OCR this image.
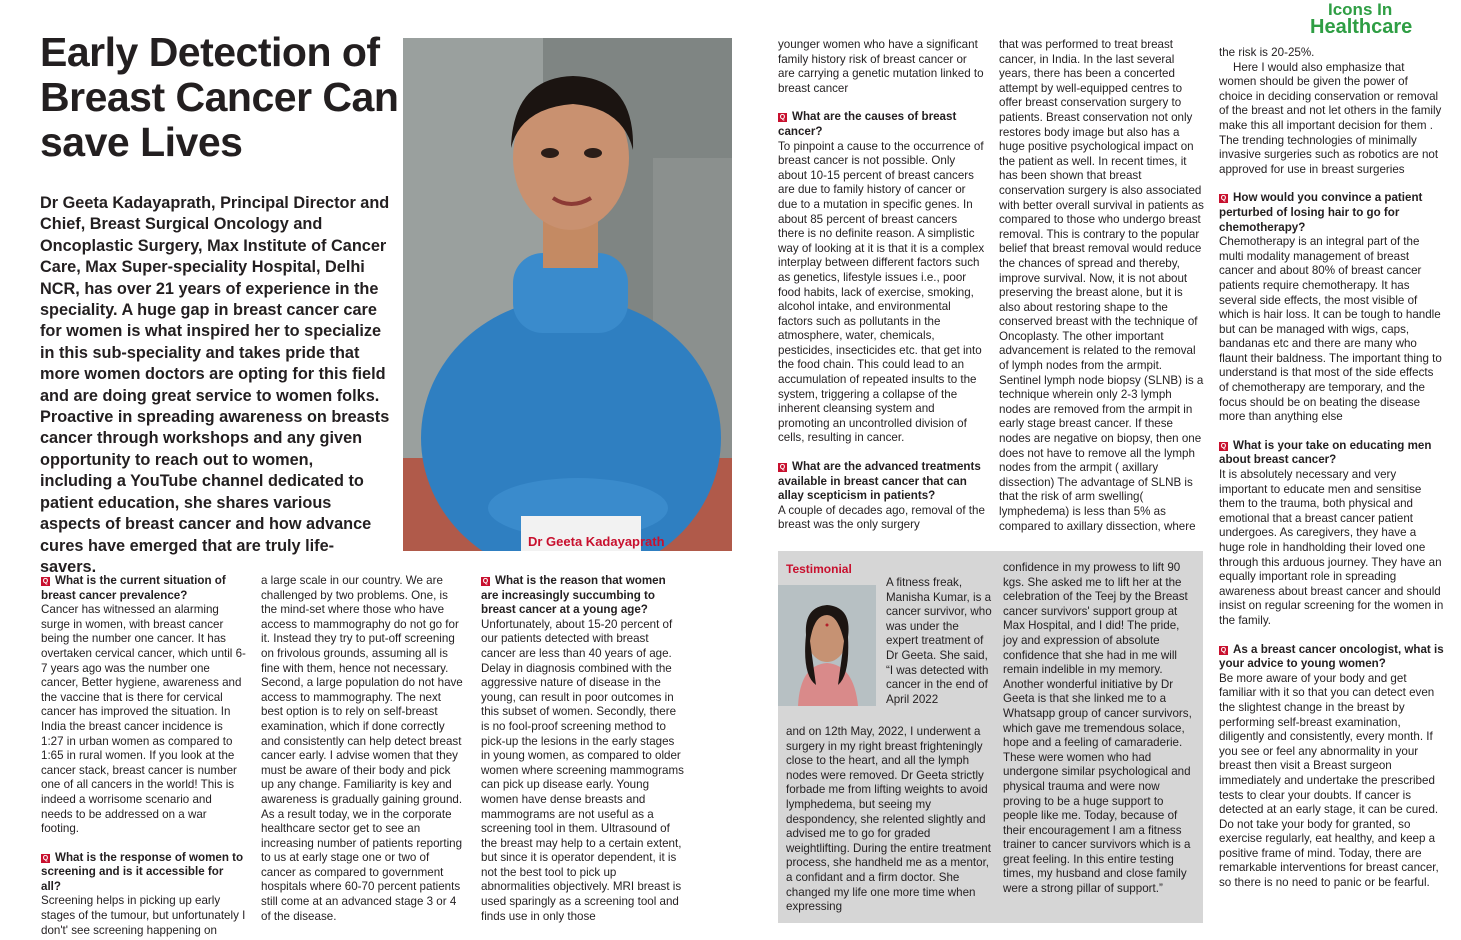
Icons In
Healthcare
Early Detection of Breast Cancer Can save Lives

Dr Geeta Kadayaprath, Principal Director and Chief, Breast Surgical Oncology and Oncoplastic Surgery, Max Institute of Cancer Care, Max Super-speciality Hospital, Delhi NCR, has over 21 years of experience in the speciality. A huge gap in breast cancer care for women is what inspired her to specialize in this sub-speciality and takes pride that more women doctors are opting for this field and are doing great service to women folks. Proactive in spreading awareness on breasts cancer through workshops and any given opportunity to reach out to women, including a YouTube channel dedicated to patient education, she shares various aspects of breast cancer and how advance cures have emerged that are truly life-savers.

Dr Geeta Kadayaprath

Q What is the current situation of breast cancer prevalence?

Cancer has witnessed an alarming surge in women, with breast cancer being the number one cancer. It has overtaken cervical cancer, which until 6-7 years ago was the number one cancer, Better hygiene, awareness and the vaccine that is there for cervical cancer has improved the situation. In India the breast cancer incidence is 1:27 in urban women as compared to 1:65 in rural women. If you look at the cancer stack, breast cancer is number one of all cancers in the world! This is indeed a worrisome scenario and needs to be addressed on a war footing.

Q What is the response of women to screening and is it accessible for all?

Screening helps in picking up early stages of the tumour, but unfortunately I don't' see screening happening on

a large scale in our country. We are challenged by two problems. One, is the mind-set where those who have access to mammography do not go for it. Instead they try to put-off screening on frivolous grounds, assuming all is fine with them, hence not necessary. Second, a large population do not have access to mammography. The next best option is to rely on self-breast examination, which if done correctly and consistently can help detect breast cancer early. I advise women that they must be aware of their body and pick up any change. Familiarity is key and awareness is gradually gaining ground. As a result today, we in the corporate healthcare sector get to see an increasing number of patients reporting to us at early stage one or two of cancer as compared to government hospitals where 60-70 percent patients still come at an advanced stage 3 or 4 of the disease.

Q What is the reason that women are increasingly succumbing to breast cancer at a young age?

Unfortunately, about 15-20 percent of our patients detected with breast cancer are less than 40 years of age. Delay in diagnosis combined with the aggressive nature of disease in the young, can result in poor outcomes in this subset of women. Secondly, there is no fool-proof screening method to pick-up the lesions in the early stages in young women, as compared to older women where screening mammograms can pick up disease early. Young women have dense breasts and mammograms are not useful as a screening tool in them. Ultrasound of the breast may help to a certain extent, but since it is operator dependent, it is not the best tool to pick up abnormalities objectively. MRI breast is used sparingly as a screening tool and finds use in only those

younger women who have a significant family history risk of breast cancer or are carrying a genetic mutation linked to breast cancer

Q What are the causes of breast cancer?

To pinpoint a cause to the occurrence of breast cancer is not possible. Only about 10-15 percent of breast cancers are due to family history of cancer or due to a mutation in specific genes. In about 85 percent of breast cancers there is no definite reason. A simplistic way of looking at it is that it is a complex interplay between different factors such as genetics, lifestyle issues i.e., poor food habits, lack of exercise, smoking, alcohol intake, and environmental factors such as pollutants in the atmosphere, water, chemicals, pesticides, insecticides etc. that get into the food chain. This could lead to an accumulation of repeated insults to the system, triggering a collapse of the inherent cleansing system and promoting an uncontrolled division of cells, resulting in cancer.

Q What are the advanced treatments available in breast cancer that can allay scepticism in patients?

A couple of decades ago, removal of the breast was the only surgery

that was performed to treat breast cancer, in India. In the last several years, there has been a concerted attempt by well-equipped centres to offer breast conservation surgery to patients. Breast conservation not only restores body image but also has a huge positive psychological impact on the patient as well. In recent times, it has been shown that breast conservation surgery is also associated with better overall survival in patients as compared to those who undergo breast removal. This is contrary to the popular belief that breast removal would reduce the chances of spread and thereby, improve survival. Now, it is not about preserving the breast alone, but it is also about restoring shape to the conserved breast with the technique of Oncoplasty. The other important advancement is related to the removal of lymph nodes from the armpit. Sentinel lymph node biopsy (SLNB) is a technique wherein only 2-3 lymph nodes are removed from the armpit in early stage breast cancer. If these nodes are negative on biopsy, then one does not have to remove all the lymph nodes from the armpit ( axillary dissection) The advantage of SLNB is that the risk of arm swelling( lymphedema) is less than 5% as compared to axillary dissection, where

Testimonial

A fitness freak, Manisha Kumar, is a cancer survivor, who was under the expert treatment of Dr Geeta. She said, “I was detected with cancer in the end of April 2022

and on 12th May, 2022, I underwent a surgery in my right breast frighteningly close to the heart, and all the lymph nodes were removed. Dr Geeta strictly forbade me from lifting weights to avoid lymphedema, but seeing my despondency, she relented slightly and advised me to go for graded weightlifting. During the entire treatment process, she handheld me as a mentor, a confidant and a firm doctor. She changed my life one more time when expressing

confidence in my prowess to lift 90 kgs. She asked me to lift her at the celebration of the Teej by the Breast cancer survivors' support group at Max Hospital, and I did! The pride, joy and expression of absolute confidence that she had in me will remain indelible in my memory. Another wonderful initiative by Dr Geeta is that she linked me to a Whatsapp group of cancer survivors, which gave me tremendous solace, hope and a feeling of camaraderie. These were women who had undergone similar psychological and physical trauma and were now proving to be a huge support to people like me. Today, because of their encouragement I am a fitness trainer to cancer survivors which is a great feeling. In this entire testing times, my husband and close family were a strong pillar of support.”

the risk is 20-25%.

Here I would also emphasize that women should be given the power of choice in deciding conservation or removal of the breast and not let others in the family make this all important decision for them . The trending technologies of minimally invasive surgeries such as robotics are not approved for use in breast surgeries

Q How would you convince a patient perturbed of losing hair to go for chemotherapy?

Chemotherapy is an integral part of the multi modality management of breast cancer and about 80% of breast cancer patients require chemotherapy. It has several side effects, the most visible of which is hair loss. It can be tough to handle but can be managed with wigs, caps, bandanas etc and there are many who flaunt their baldness. The important thing to understand is that most of the side effects of chemotherapy are temporary, and the focus should be on beating the disease more than anything else

Q What is your take on educating men about breast cancer?

It is absolutely necessary and very important to educate men and sensitise them to the trauma, both physical and emotional that a breast cancer patient undergoes. As caregivers, they have a huge role in handholding their loved one through this arduous journey. They have an equally important role in spreading awareness about breast cancer and should insist on regular screening for the women in the family.

Q As a breast cancer oncologist, what is your advice to young women?

Be more aware of your body and get familiar with it so that you can detect even the slightest change in the breast by performing self-breast examination, diligently and consistently, every month. If you see or feel any abnormality in your breast then visit a Breast surgeon immediately and undertake the prescribed tests to clear your doubts. If cancer is detected at an early stage, it can be cured. Do not take your body for granted, so exercise regularly, eat healthy, and keep a positive frame of mind. Today, there are remarkable interventions for breast cancer, so there is no need to panic or be fearful.
